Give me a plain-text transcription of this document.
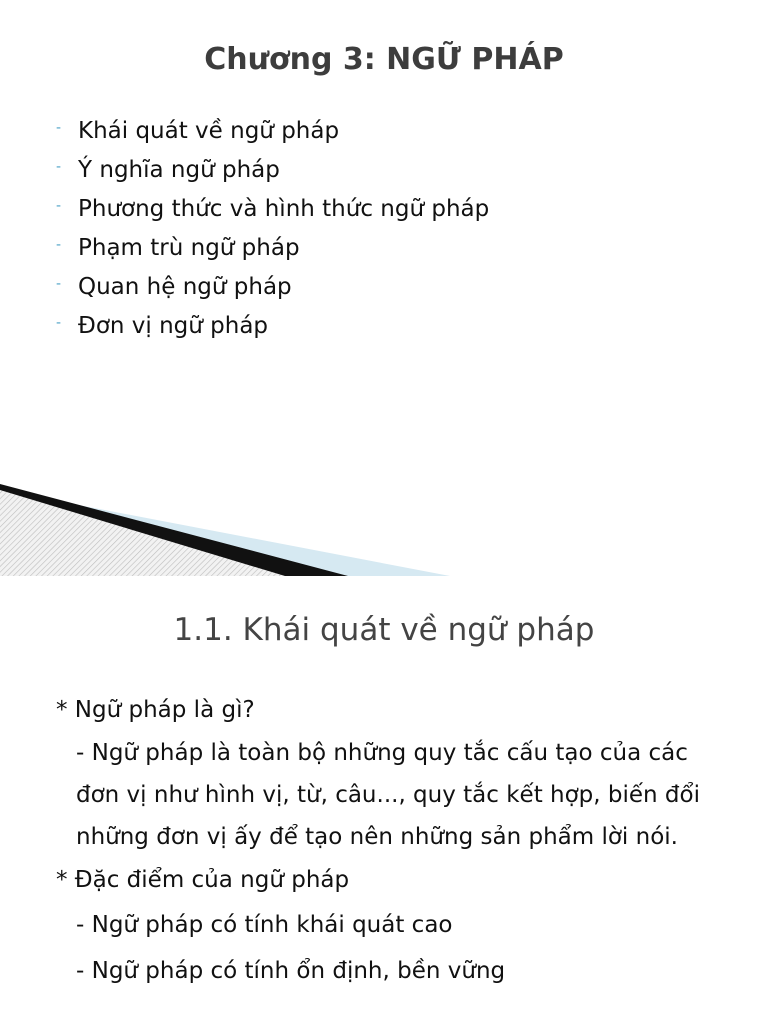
Chương 3: NGỮ PHÁP
- Khái quát về ngữ pháp
- Ý nghĩa ngữ pháp
- Phương thức và hình thức ngữ pháp
- Phạm trù ngữ pháp
- Quan hệ ngữ pháp
- Đơn vị ngữ pháp
1.1. Khái quát về ngữ pháp

* Ngữ pháp là gì?

- Ngữ pháp là toàn bộ những quy tắc cấu tạo của các

đơn vị như hình vị, từ, câu..., quy tắc kết hợp, biến đổi

những đơn vị ấy để tạo nên những sản phẩm lời nói.

* Đặc điểm của ngữ pháp

- Ngữ pháp có tính khái quát cao

- Ngữ pháp có tính ổn định, bền vững
